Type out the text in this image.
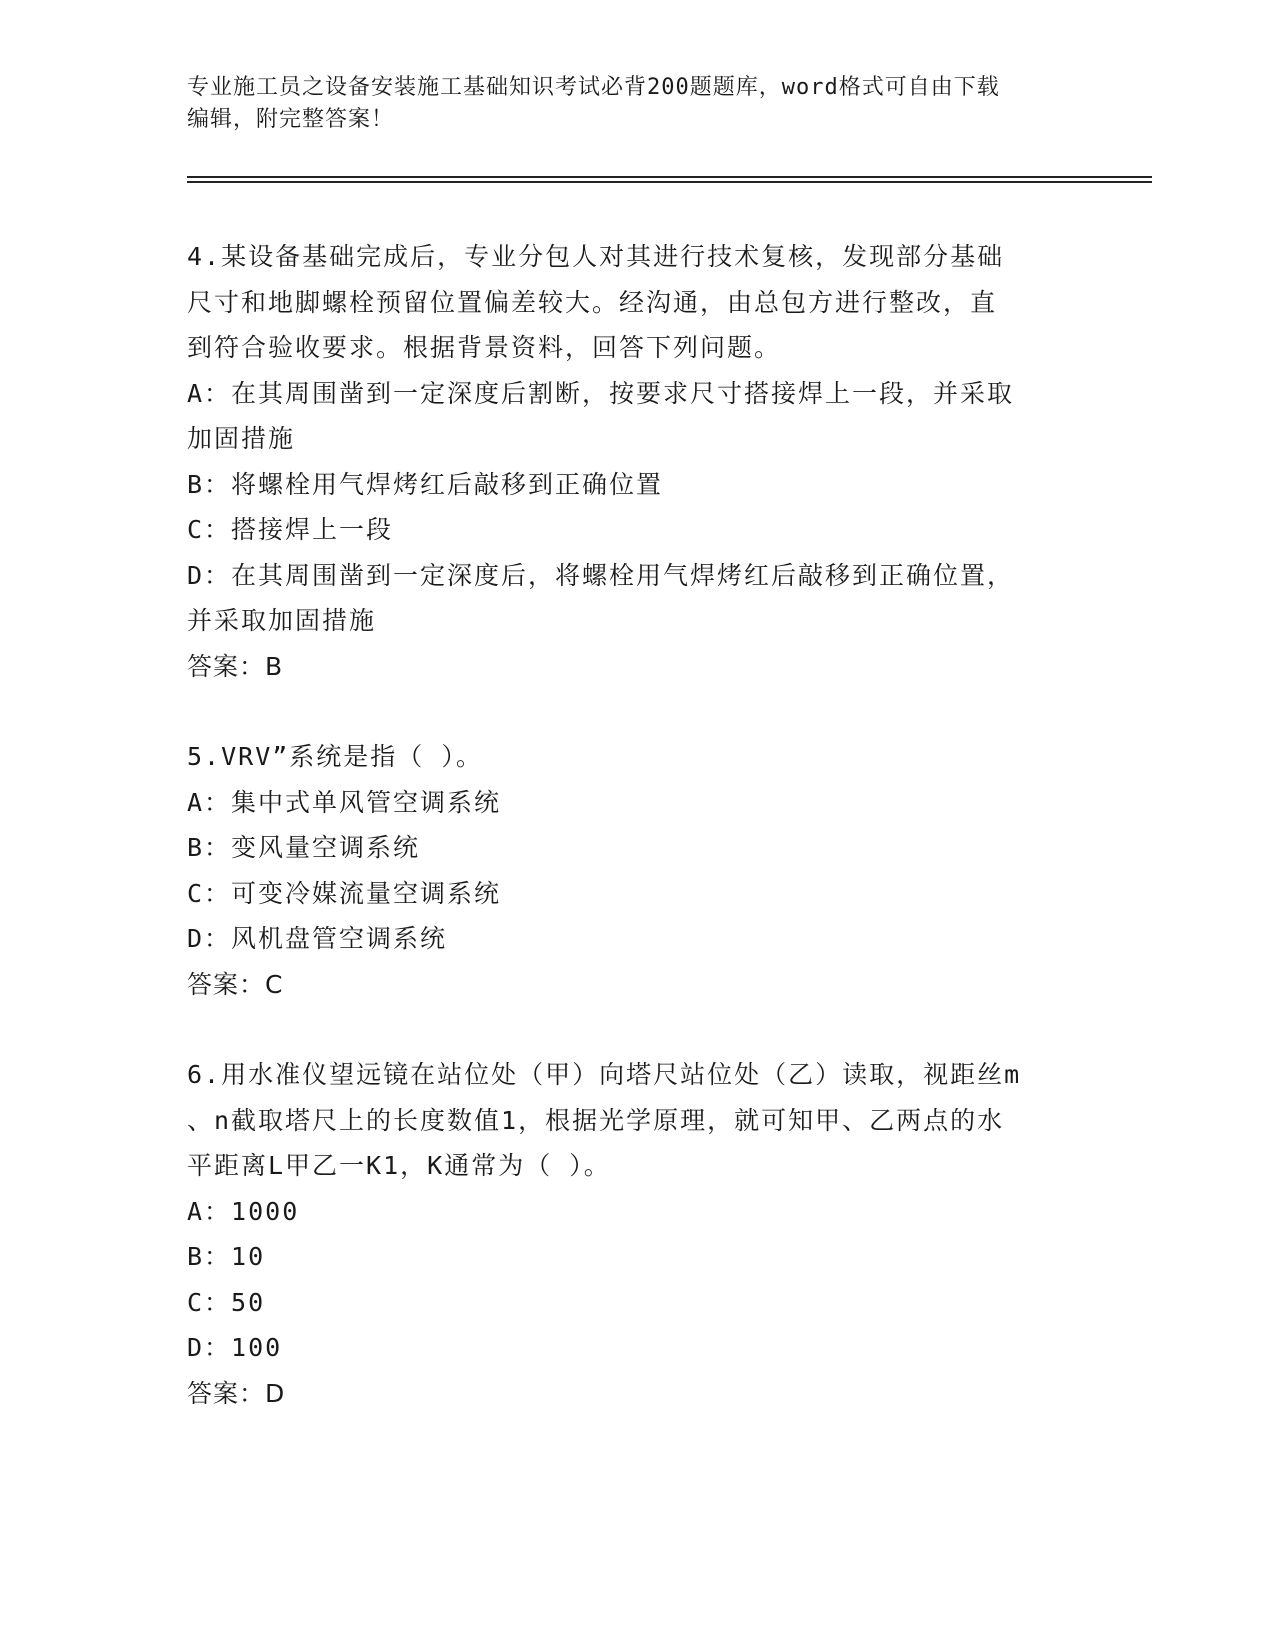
专业施工员之设备安装施工基础知识考试必背200题题库，word格式可自由下载
编辑，附完整答案！
4.某设备基础完成后，专业分包人对其进行技术复核，发现部分基础
尺寸和地脚螺栓预留位置偏差较大。经沟通，由总包方进行整改，直
到符合验收要求。根据背景资料，回答下列问题。
A：在其周围凿到一定深度后割断，按要求尺寸搭接焊上一段，并采取
加固措施
B：将螺栓用气焊烤红后敲移到正确位置
C：搭接焊上一段
D：在其周围凿到一定深度后，将螺栓用气焊烤红后敲移到正确位置，
并采取加固措施
答案：B
5.VRV”系统是指（ ）。
A：集中式单风管空调系统
B：变风量空调系统
C：可变冷媒流量空调系统
D：风机盘管空调系统
答案：C
6.用水准仪望远镜在站位处（甲）向塔尺站位处（乙）读取，视距丝m
、n截取塔尺上的长度数值1，根据光学原理，就可知甲、乙两点的水
平距离L甲乙一K1，K通常为（ ）。
A：1000
B：10
C：50
D：100
答案：D
